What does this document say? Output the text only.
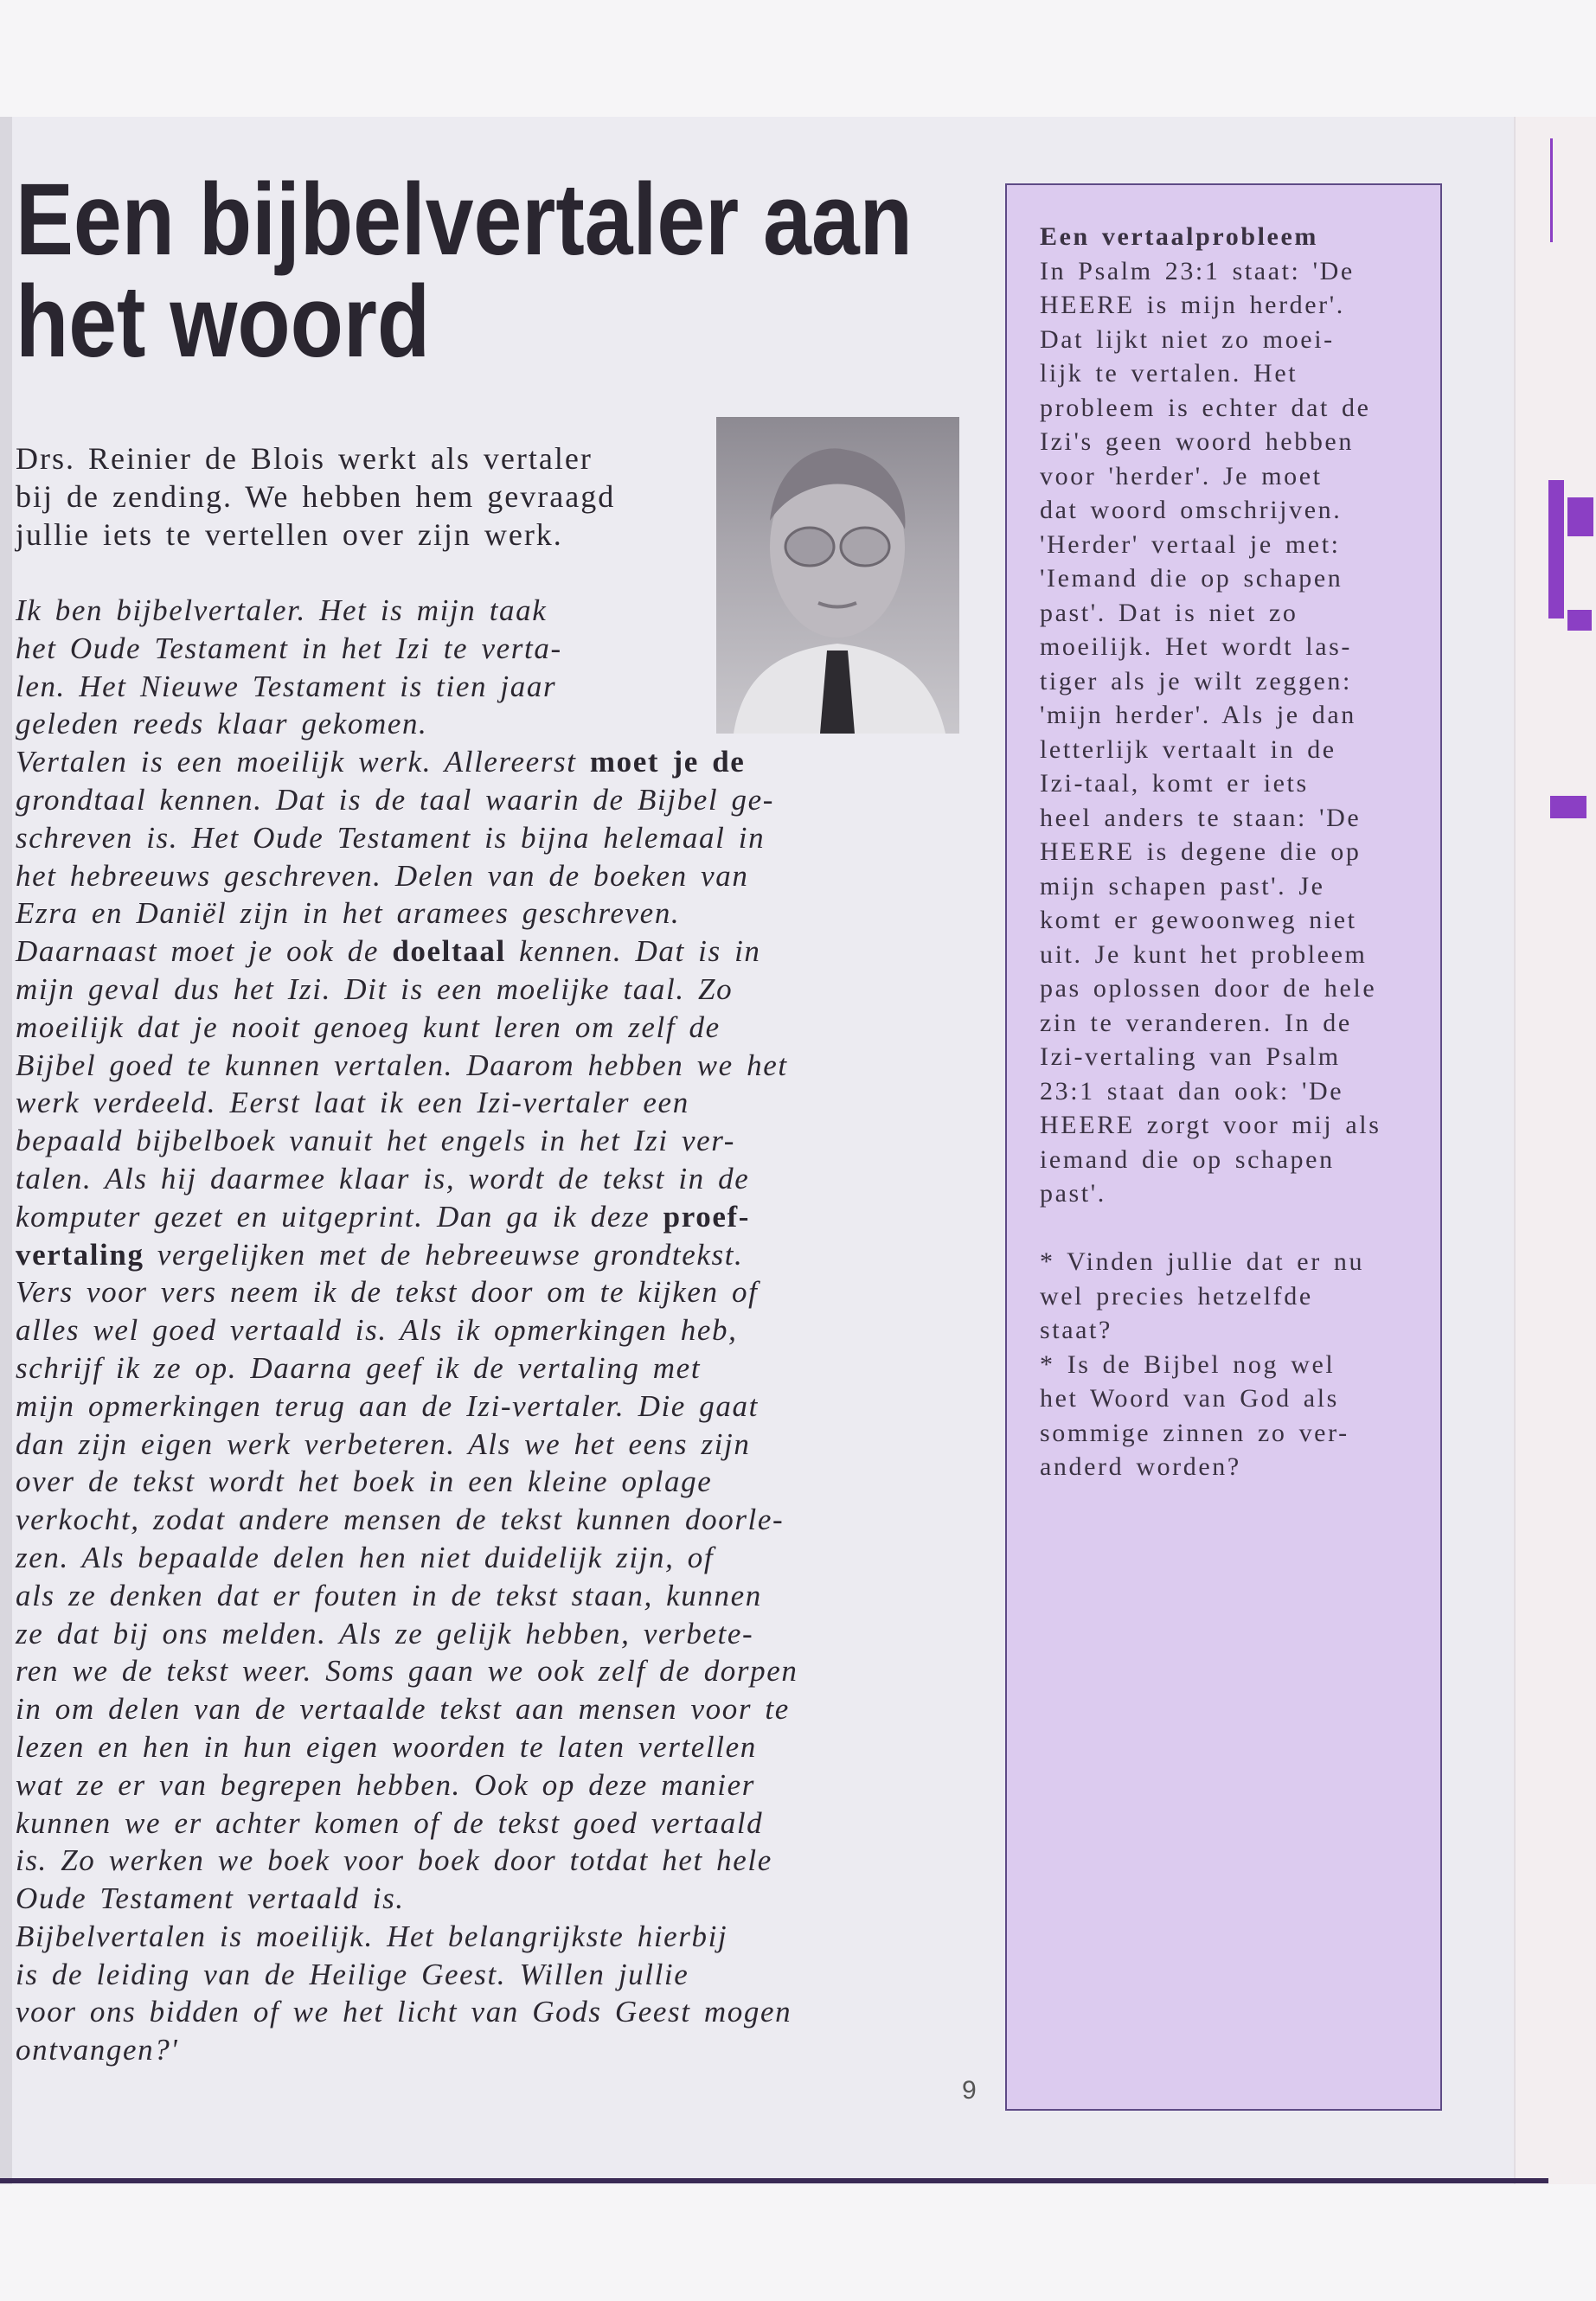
Een bijbelvertaler aan
het woord
Drs. Reinier de Blois werkt als vertaler
bij de zending. We hebben hem gevraagd
jullie iets te vertellen over zijn werk.
Ik ben bijbelvertaler. Het is mijn taak
het Oude Testament in het Izi te verta-
len. Het Nieuwe Testament is tien jaar
geleden reeds klaar gekomen.
Vertalen is een moeilijk werk. Allereerst moet je de
grondtaal kennen. Dat is de taal waarin de Bijbel ge-
schreven is. Het Oude Testament is bijna helemaal in
het hebreeuws geschreven. Delen van de boeken van
Ezra en Daniël zijn in het aramees geschreven.
Daarnaast moet je ook de doeltaal kennen. Dat is in
mijn geval dus het Izi. Dit is een moelijke taal. Zo
moeilijk dat je nooit genoeg kunt leren om zelf de
Bijbel goed te kunnen vertalen. Daarom hebben we het
werk verdeeld. Eerst laat ik een Izi-vertaler een
bepaald bijbelboek vanuit het engels in het Izi ver-
talen. Als hij daarmee klaar is, wordt de tekst in de
komputer gezet en uitgeprint. Dan ga ik deze proef-
vertaling vergelijken met de hebreeuwse grondtekst.
Vers voor vers neem ik de tekst door om te kijken of
alles wel goed vertaald is. Als ik opmerkingen heb,
schrijf ik ze op. Daarna geef ik de vertaling met
mijn opmerkingen terug aan de Izi-vertaler. Die gaat
dan zijn eigen werk verbeteren. Als we het eens zijn
over de tekst wordt het boek in een kleine oplage
verkocht, zodat andere mensen de tekst kunnen doorle-
zen. Als bepaalde delen hen niet duidelijk zijn, of
als ze denken dat er fouten in de tekst staan, kunnen
ze dat bij ons melden. Als ze gelijk hebben, verbete-
ren we de tekst weer. Soms gaan we ook zelf de dorpen
in om delen van de vertaalde tekst aan mensen voor te
lezen en hen in hun eigen woorden te laten vertellen
wat ze er van begrepen hebben. Ook op deze manier
kunnen we er achter komen of de tekst goed vertaald
is. Zo werken we boek voor boek door totdat het hele
Oude Testament vertaald is.
Bijbelvertalen is moeilijk. Het belangrijkste hierbij
is de leiding van de Heilige Geest. Willen jullie
voor ons bidden of we het licht van Gods Geest mogen
ontvangen?'
Een vertaalprobleem
In Psalm 23:1 staat: 'De
HEERE is mijn herder'.
Dat lijkt niet zo moei-
lijk te vertalen. Het
probleem is echter dat de
Izi's geen woord hebben
voor 'herder'. Je moet
dat woord omschrijven.
'Herder' vertaal je met:
'Iemand die op schapen
past'. Dat is niet zo
moeilijk. Het wordt las-
tiger als je wilt zeggen:
'mijn herder'. Als je dan
letterlijk vertaalt in de
Izi-taal, komt er iets
heel anders te staan: 'De
HEERE is degene die op
mijn schapen past'. Je
komt er gewoonweg niet
uit. Je kunt het probleem
pas oplossen door de hele
zin te veranderen. In de
Izi-vertaling van Psalm
23:1 staat dan ook: 'De
HEERE zorgt voor mij als
iemand die op schapen
past'.
* Vinden jullie dat er nu
wel precies hetzelfde
staat?
* Is de Bijbel nog wel
het Woord van God als
sommige zinnen zo ver-
anderd worden?
9
